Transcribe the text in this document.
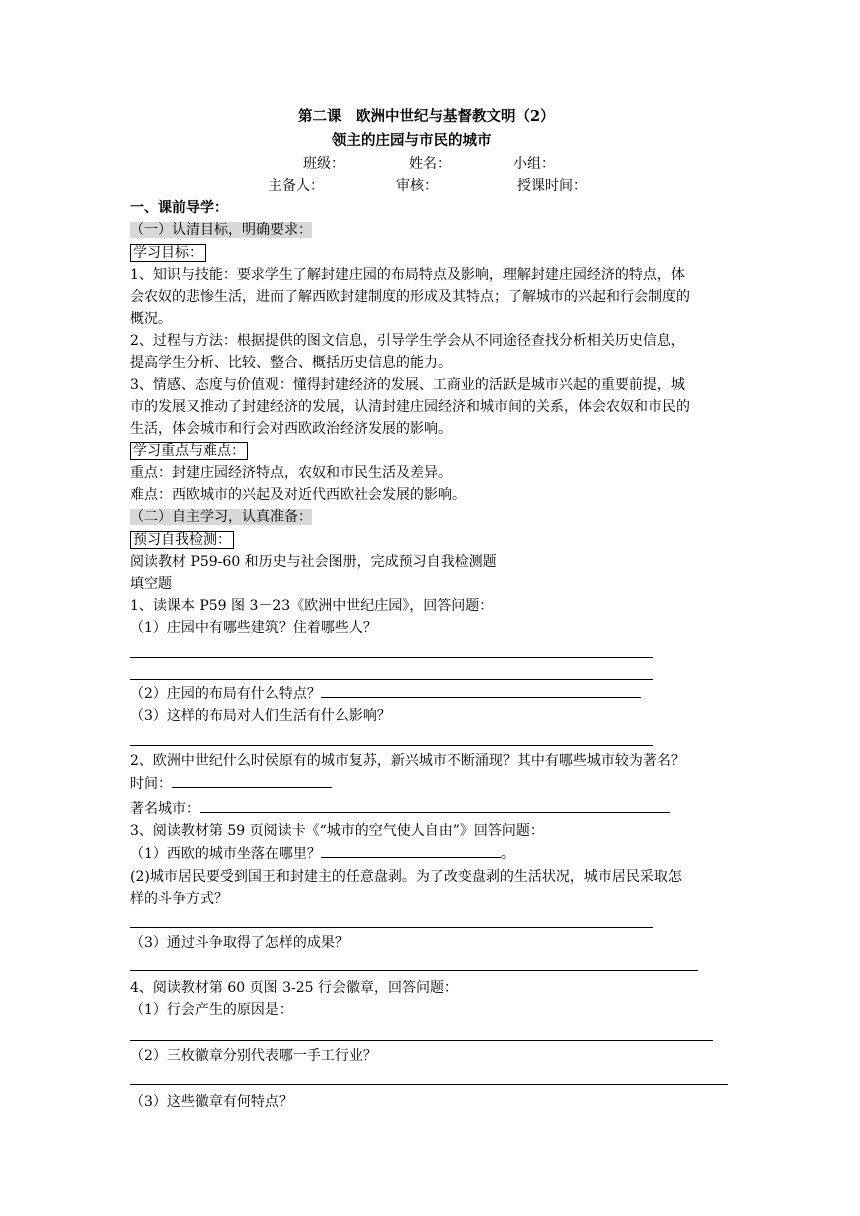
第二课　欧洲中世纪与基督教文明（2）
领主的庄园与市民的城市
班级：	姓名：	小组：
主备人：	审核：	授课时间：
一、课前导学：
（一）认清目标，明确要求：
学习目标：
1、知识与技能：要求学生了解封建庄园的布局特点及影响，理解封建庄园经济的特点，体
会农奴的悲惨生活，进而了解西欧封建制度的形成及其特点；了解城市的兴起和行会制度的
概况。
2、过程与方法：根据提供的图文信息，引导学生学会从不同途径查找分析相关历史信息，
提高学生分析、比较、整合、概括历史信息的能力。
3、情感、态度与价值观：懂得封建经济的发展、工商业的活跃是城市兴起的重要前提，城
市的发展又推动了封建经济的发展，认清封建庄园经济和城市间的关系，体会农奴和市民的
生活，体会城市和行会对西欧政治经济发展的影响。
学习重点与难点：
重点：封建庄园经济特点，农奴和市民生活及差异。
难点：西欧城市的兴起及对近代西欧社会发展的影响。
（二）自主学习，认真准备：
预习自我检测：
阅读教材 P59-60 和历史与社会图册，完成预习自我检测题
填空题
1、读课本 P59 图 3－23《欧洲中世纪庄园》，回答问题：
（1）庄园中有哪些建筑？住着哪些人？
（2）庄园的布局有什么特点？
（3）这样的布局对人们生活有什么影响？
2、欧洲中世纪什么时侯原有的城市复苏，新兴城市不断涌现？其中有哪些城市较为著名？
时间：
著名城市：
3、阅读教材第 59 页阅读卡《“城市的空气使人自由”》回答问题：
（1）西欧的城市坐落在哪里？	。
(2)城市居民要受到国王和封建主的任意盘剥。为了改变盘剥的生活状况，城市居民采取怎
样的斗争方式？
（3）通过斗争取得了怎样的成果？
4、阅读教材第 60 页图 3-25 行会徽章，回答问题：
（1）行会产生的原因是：
（2）三枚徽章分别代表哪一手工行业？
（3）这些徽章有何特点？
